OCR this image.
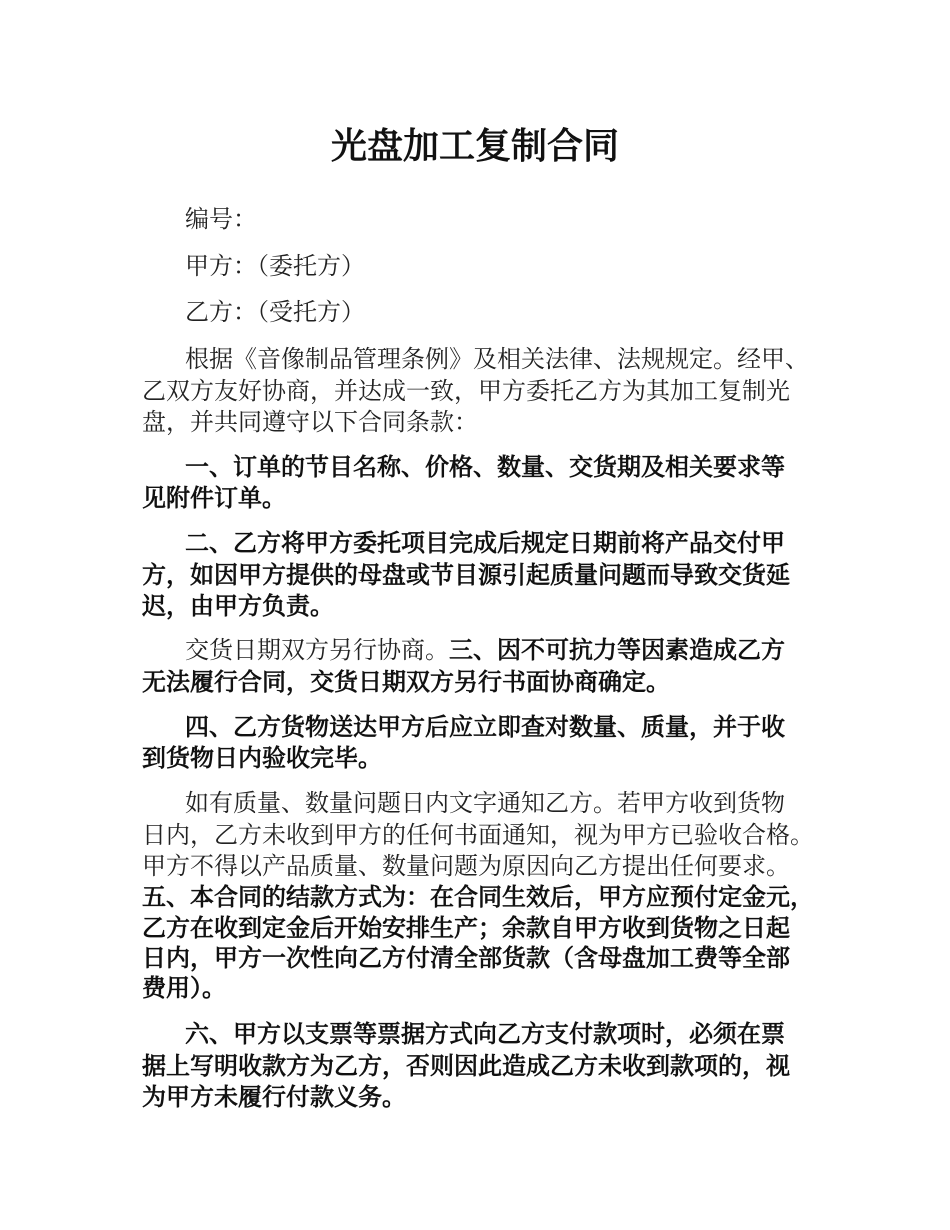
光盘加工复制合同
编号：
甲方：（委托方）
乙方：（受托方）
根据《音像制品管理条例》及相关法律、法规规定。经甲、
乙双方友好协商，并达成一致，甲方委托乙方为其加工复制光
盘，并共同遵守以下合同条款：
一、订单的节目名称、价格、数量、交货期及相关要求等
见附件订单。
二、乙方将甲方委托项目完成后规定日期前将产品交付甲
方，如因甲方提供的母盘或节目源引起质量问题而导致交货延
迟，由甲方负责。
交货日期双方另行协商。三、因不可抗力等因素造成乙方
无法履行合同，交货日期双方另行书面协商确定。
四、乙方货物送达甲方后应立即查对数量、质量，并于收
到货物日内验收完毕。
如有质量、数量问题日内文字通知乙方。若甲方收到货物
日内，乙方未收到甲方的任何书面通知，视为甲方已验收合格。
甲方不得以产品质量、数量问题为原因向乙方提出任何要求。
五、本合同的结款方式为：在合同生效后，甲方应预付定金元，
乙方在收到定金后开始安排生产；余款自甲方收到货物之日起
日内，甲方一次性向乙方付清全部货款（含母盘加工费等全部
费用）。
六、甲方以支票等票据方式向乙方支付款项时，必须在票
据上写明收款方为乙方，否则因此造成乙方未收到款项的，视
为甲方未履行付款义务。
